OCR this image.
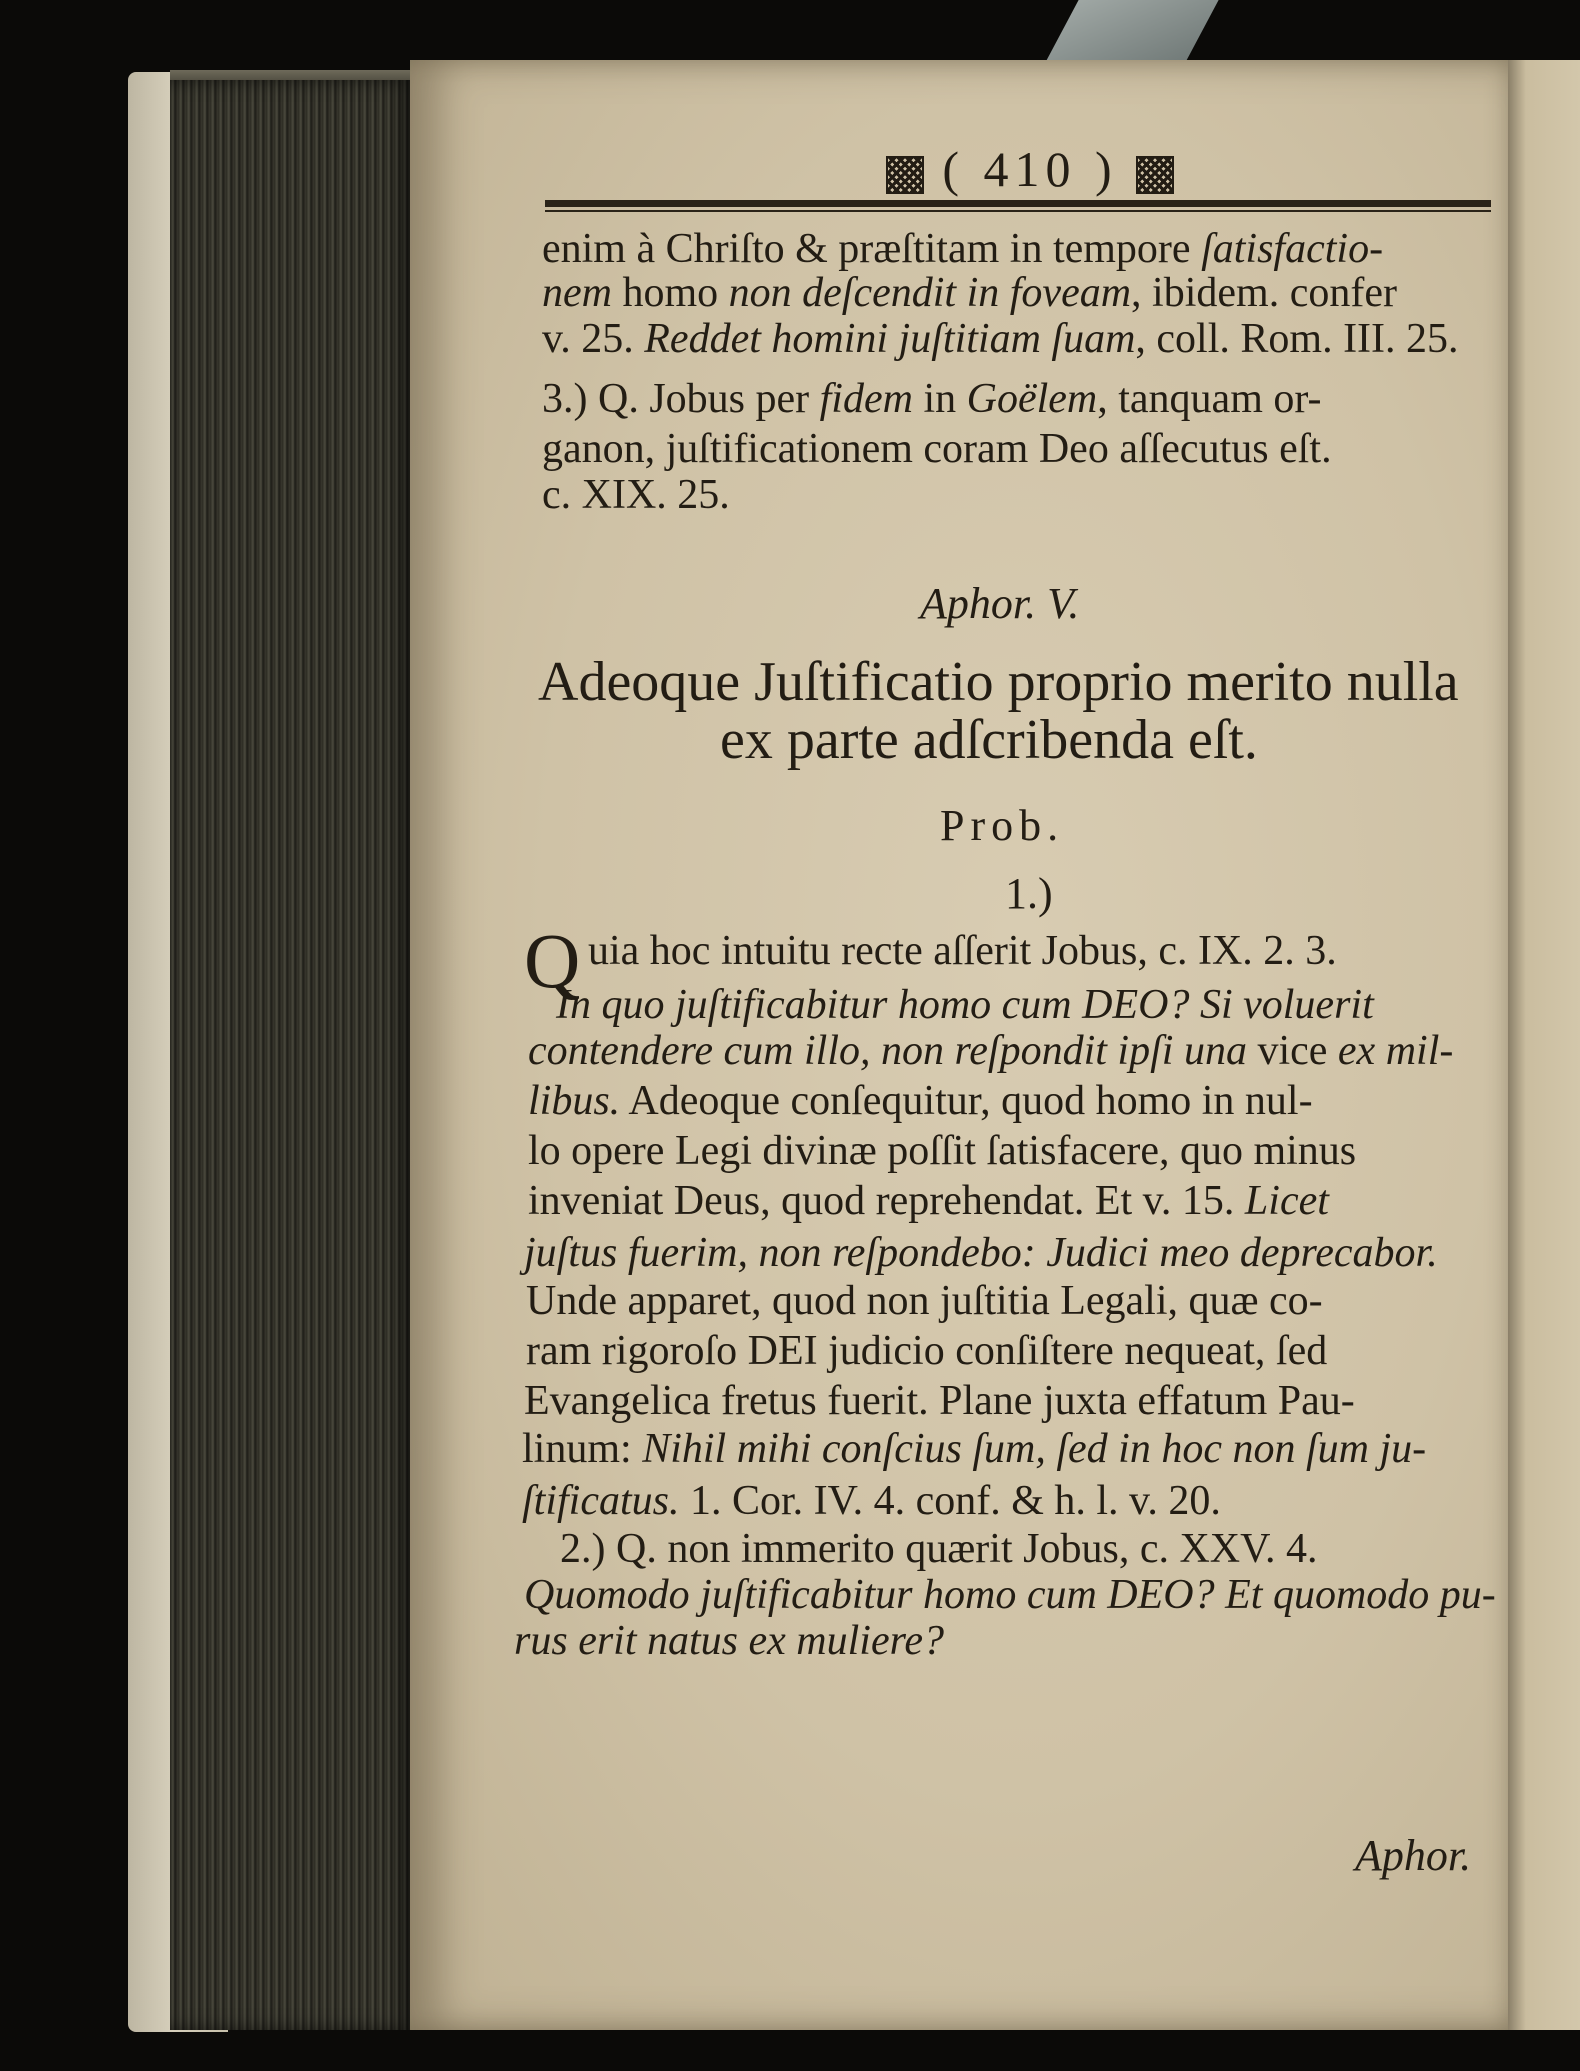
( 410 )
enim à Chriſto & præſtitam in tempore ſatisfactio-
nem homo non deſcendit in foveam, ibidem. confer
v. 25. Reddet homini juſtitiam ſuam, coll. Rom. III. 25.
3.) Q. Jobus per fidem in Goëlem, tanquam or-
ganon, juſtificationem coram Deo aſſecutus eſt.
c. XIX. 25.
Aphor. V.
Adeoque Juſtificatio proprio merito nulla
ex parte adſcribenda eſt.
Prob.
1.)
Q uia hoc intuitu recte aſſerit Jobus, c. IX. 2. 3.
In quo juſtificabitur homo cum DEO? Si voluerit
contendere cum illo, non reſpondit ipſi una vice ex mil-
libus. Adeoque conſequitur, quod homo in nul-
lo opere Legi divinæ poſſit ſatisfacere, quo minus
inveniat Deus, quod reprehendat. Et v. 15. Licet
juſtus fuerim, non reſpondebo: Judici meo deprecabor.
Unde apparet, quod non juſtitia Legali, quæ co-
ram rigoroſo DEI judicio conſiſtere nequeat, ſed
Evangelica fretus fuerit. Plane juxta effatum Pau-
linum: Nihil mihi conſcius ſum, ſed in hoc non ſum ju-
ſtificatus. 1. Cor. IV. 4. conf. & h. l. v. 20.
2.) Q. non immerito quærit Jobus, c. XXV. 4.
Quomodo juſtificabitur homo cum DEO? Et quomodo pu-
rus erit natus ex muliere?
Aphor.
